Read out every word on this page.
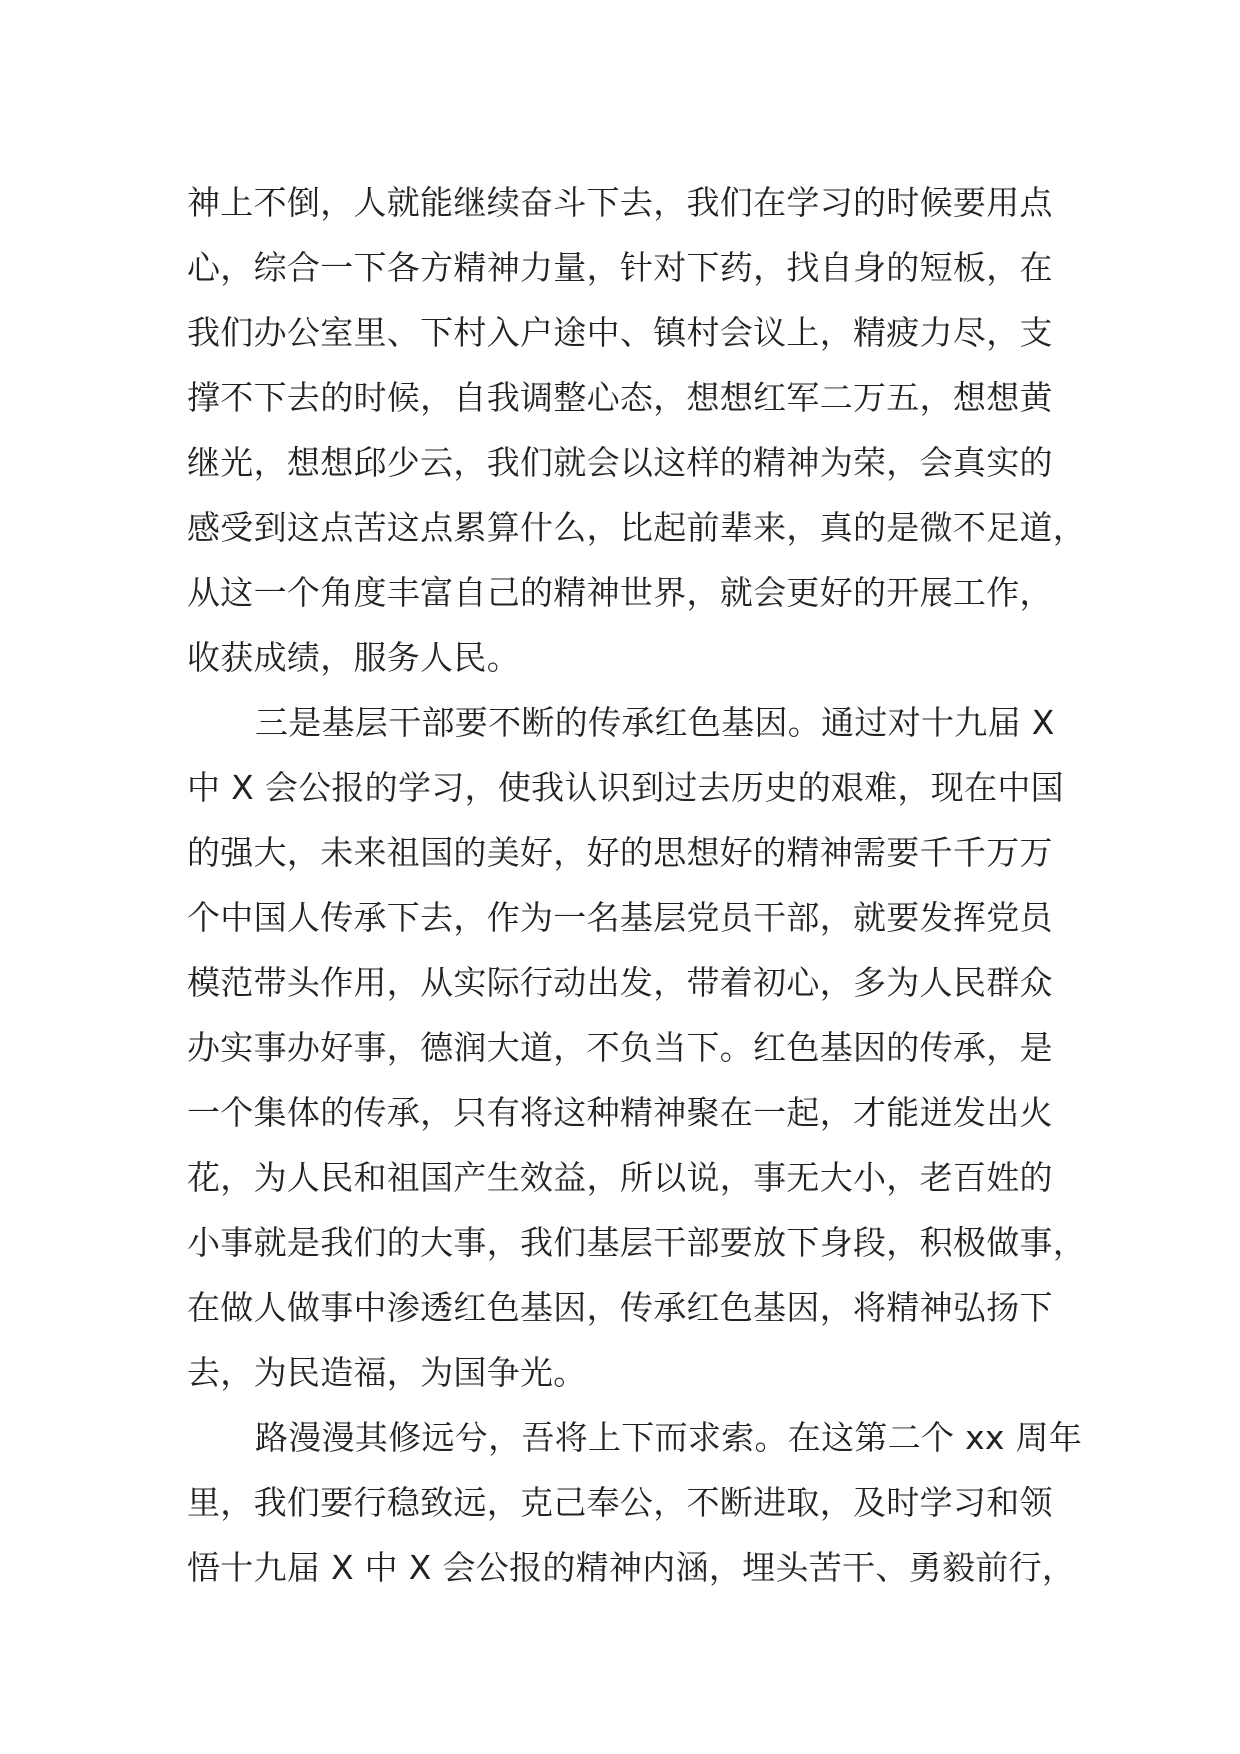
神上不倒，人就能继续奋斗下去，我们在学习的时候要用点
心，综合一下各方精神力量，针对下药，找自身的短板，在
我们办公室里、下村入户途中、镇村会议上，精疲力尽，支
撑不下去的时候，自我调整心态，想想红军二万五，想想黄
继光，想想邱少云，我们就会以这样的精神为荣，会真实的
感受到这点苦这点累算什么，比起前辈来，真的是微不足道，
从这一个角度丰富自己的精神世界，就会更好的开展工作，
收获成绩，服务人民。
三是基层干部要不断的传承红色基因。通过对十九届 X
中 X 会公报的学习，使我认识到过去历史的艰难，现在中国
的强大，未来祖国的美好，好的思想好的精神需要千千万万
个中国人传承下去，作为一名基层党员干部，就要发挥党员
模范带头作用，从实际行动出发，带着初心，多为人民群众
办实事办好事，德润大道，不负当下。红色基因的传承，是
一个集体的传承，只有将这种精神聚在一起，才能迸发出火
花，为人民和祖国产生效益，所以说，事无大小，老百姓的
小事就是我们的大事，我们基层干部要放下身段，积极做事，
在做人做事中渗透红色基因，传承红色基因，将精神弘扬下
去，为民造福，为国争光。
路漫漫其修远兮，吾将上下而求索。在这第二个 xx 周年
里，我们要行稳致远，克己奉公，不断进取，及时学习和领
悟十九届 X 中 X 会公报的精神内涵，埋头苦干、勇毅前行，
